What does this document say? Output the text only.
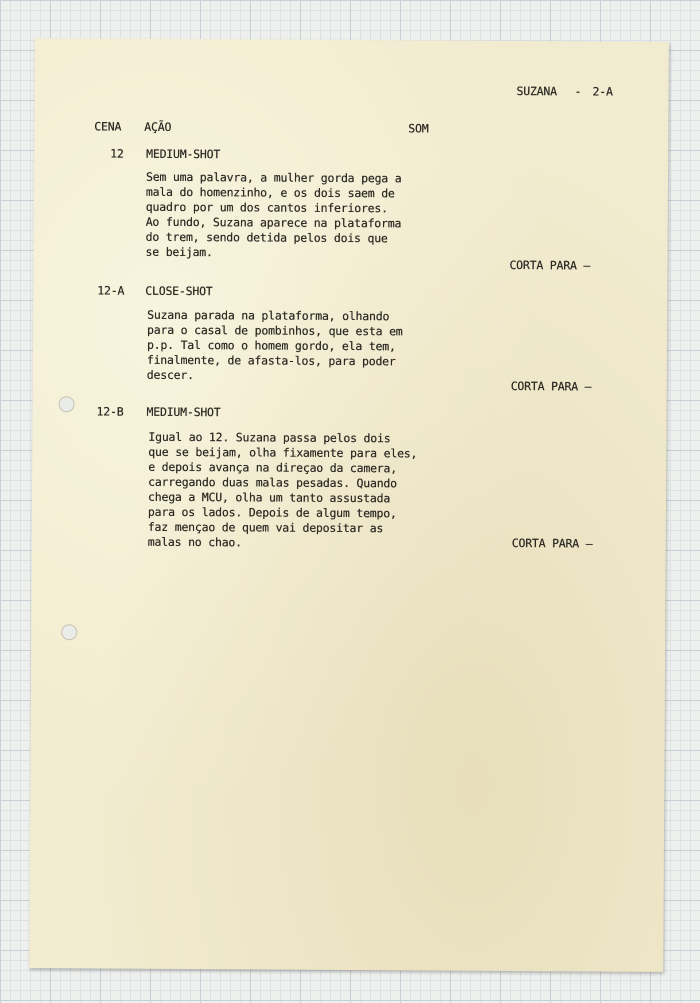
SUZANA - 2-A
CENA AÇÃO	SOM
12 MEDIUM-SHOT
Sem uma palavra, a mulher gorda pega a
mala do homenzinho, e os dois saem de
quadro por um dos cantos inferiores.
Ao fundo, Suzana aparece na plataforma
do trem, sendo detida pelos dois que
se beijam.
CORTA PARA —
12-A CLOSE-SHOT
Suzana parada na plataforma, olhando
para o casal de pombinhos, que esta em
p.p. Tal como o homem gordo, ela tem,
finalmente, de afasta-los, para poder
descer.
CORTA PARA —
12-B MEDIUM-SHOT
Igual ao 12. Suzana passa pelos dois
que se beijam, olha fixamente para eles,
e depois avança na direçao da camera,
carregando duas malas pesadas. Quando
chega a MCU, olha um tanto assustada
para os lados. Depois de algum tempo,
faz mençao de quem vai depositar as
malas no chao.	CORTA PARA —
